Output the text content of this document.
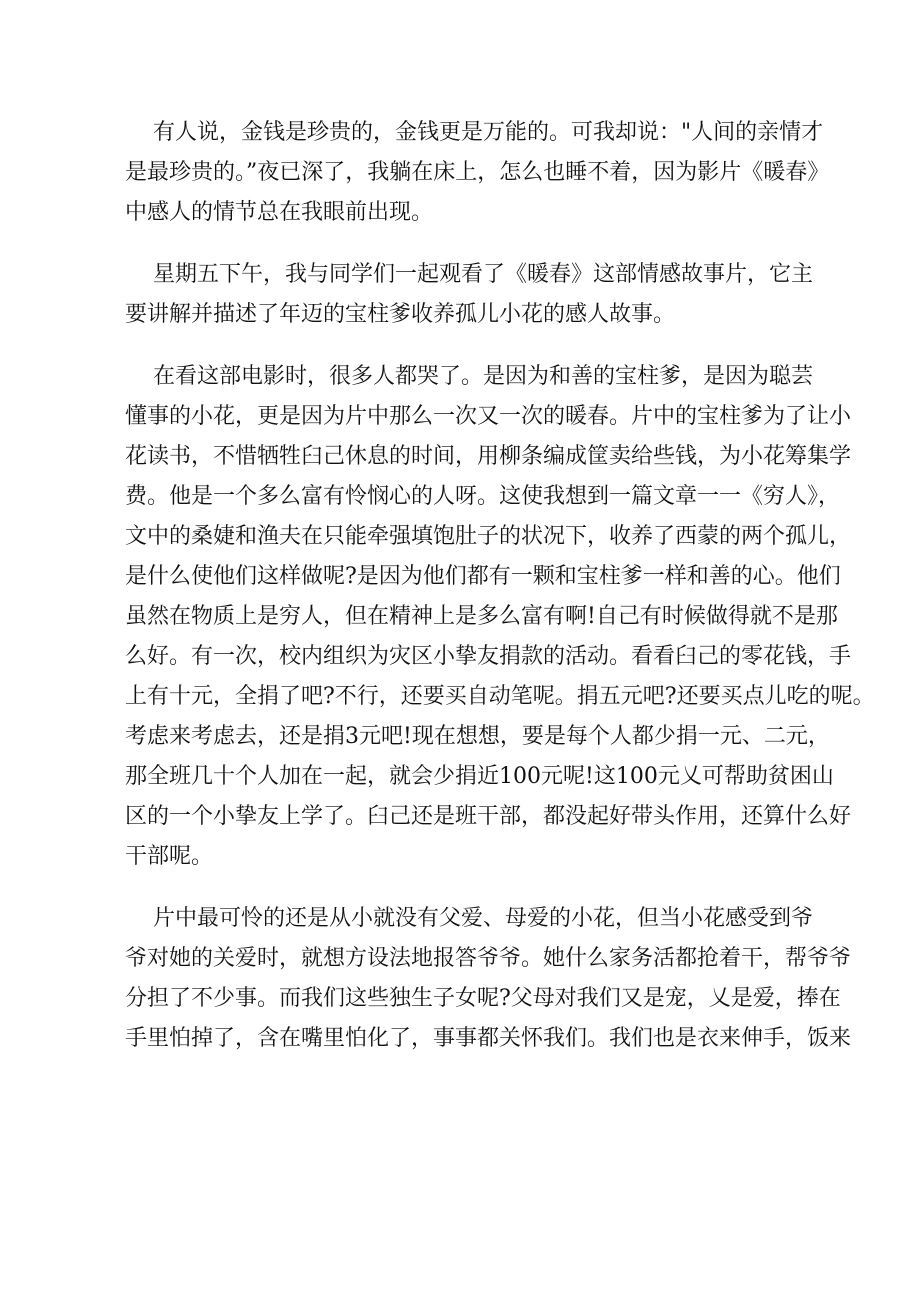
有人说，金钱是珍贵的，金钱更是万能的。可我却说："人间的亲情才
是最珍贵的。”夜已深了，我躺在床上，怎么也睡不着，因为影片《暖春》
中感人的情节总在我眼前出现。
星期五下午，我与同学们一起观看了《暖春》这部情感故事片，它主
要讲解并描述了年迈的宝柱爹收养孤儿小花的感人故事。
在看这部电影时，很多人都哭了。是因为和善的宝柱爹，是因为聪芸
懂事的小花，更是因为片中那么一次又一次的暖春。片中的宝柱爹为了让小
花读书，不惜牺牲臼己休息的时间，用柳条编成筐卖给些钱，为小花筹集学
费。他是一个多么富有怜悯心的人呀。这使我想到一篇文章一一《穷人》，
文中的桑婕和渔夫在只能牵强填饱肚子的状况下，收养了西蒙的两个孤儿，
是什么使他们这样做呢?是因为他们都有一颗和宝柱爹一样和善的心。他们
虽然在物质上是穷人，但在精神上是多么富有啊!自己有时候做得就不是那
么好。有一次，校内组织为灾区小挚友捐款的活动。看看臼己的零花钱，手
上有十元，全捐了吧?不行，还要买自动笔呢。捐五元吧?还要买点儿吃的呢。
考虑来考虑去，还是捐3元吧!现在想想，要是每个人都少捐一元、二元，
那全班几十个人加在一起，就会少捐近100元呢!这100元乂可帮助贫困山
区的一个小挚友上学了。臼己还是班干部，都没起好带头作用，还算什么好
干部呢。
片中最可怜的还是从小就没有父爱、母爱的小花，但当小花感受到爷
爷对她的关爱时，就想方设法地报答爷爷。她什么家务活都抢着干，帮爷爷
分担了不少事。而我们这些独生子女呢?父母对我们又是宠，乂是爱，捧在
手里怕掉了，含在嘴里怕化了，事事都关怀我们。我们也是衣来伸手，饭来
